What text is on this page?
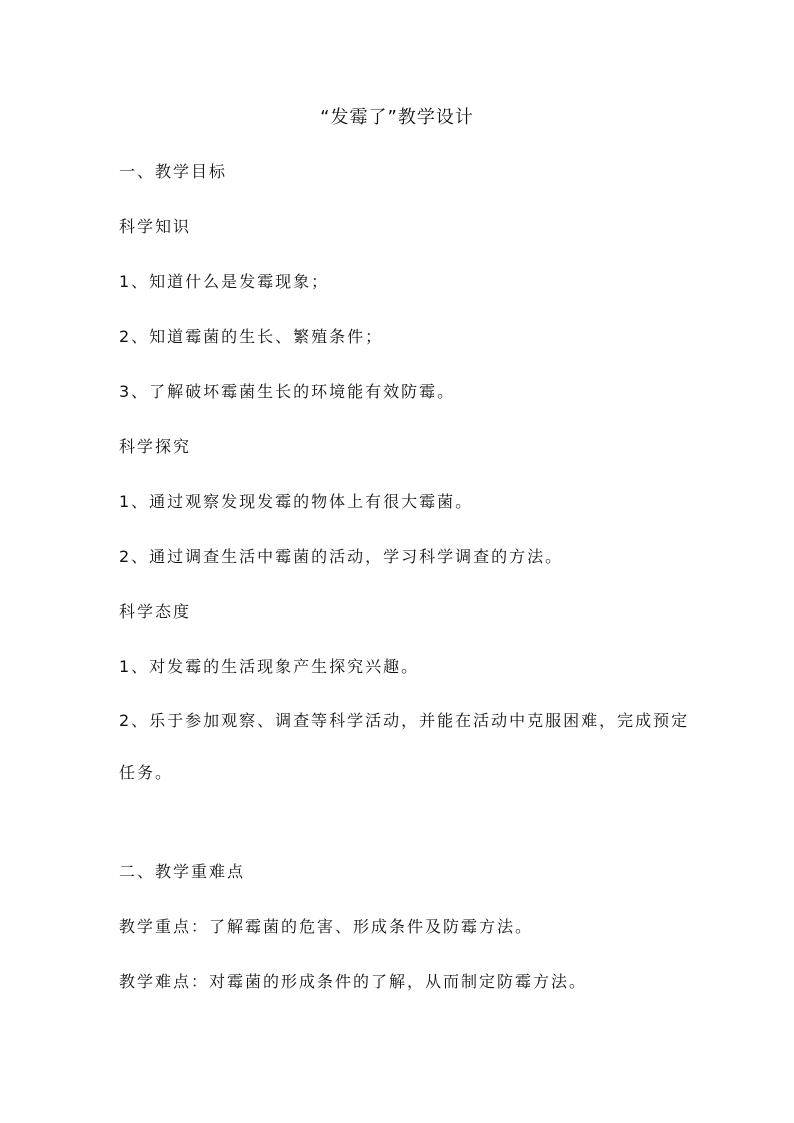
“发霉了”教学设计
一、教学目标
科学知识
1、知道什么是发霉现象；
2、知道霉菌的生长、繁殖条件；
3、了解破坏霉菌生长的环境能有效防霉。
科学探究
1、通过观察发现发霉的物体上有很大霉菌。
2、通过调查生活中霉菌的活动，学习科学调查的方法。
科学态度
1、对发霉的生活现象产生探究兴趣。
2、乐于参加观察、调查等科学活动，并能在活动中克服困难，完成预定任务。
二、教学重难点
教学重点：了解霉菌的危害、形成条件及防霉方法。
教学难点：对霉菌的形成条件的了解，从而制定防霉方法。
